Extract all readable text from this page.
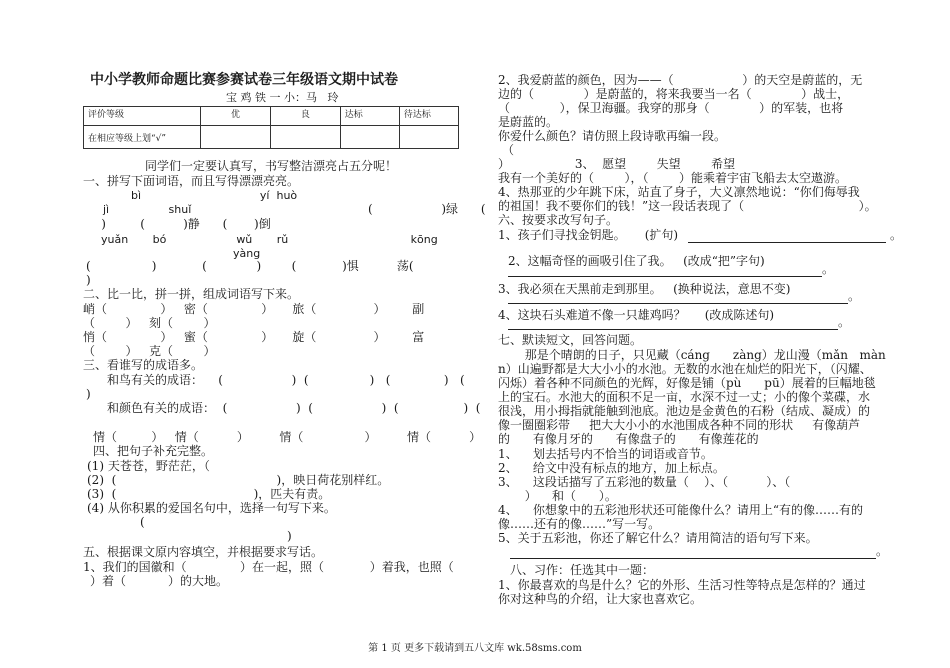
中小学教师命题比赛参赛试卷三年级语文期中试卷
宝 鸡 铁 一 小：马   玲
评价等级	优	良	达标	待达标
在相应等级上划“√”				
同学们一定要认真写，书写整洁漂亮占五分呢！
一、拼写下面词语，而且写得漂漂亮亮。
bì                                  yí  huò
jì                 shuǐ	(                  )绿      (
)         (          )静      (       )倒
yuǎn       bó                    wǔ       rǔ                                   kōng
yàng
(                )            (             )        (            )惧          荡(
)
二、比一比，拼一拼，组成词语写下来。
峭（              ）   密（              ）     旅（               ）       副
（        ）   刻（        ）
悄（              ）   蜜（              ）     旋（               ）       富
（        ）   克（        ）
三、看谁写的成语多。
和鸟有关的成语：    (                  )  (                )   (              )   (
)
和颜色有关的成语：  (                  )  (                  )  (                 )  (
情（         ）   情（          ）        情（                ）        情（          ）
四、把句子补充完整。
(1) 天苍苍，野茫茫，（
(2)  (                                          )，映日荷花别样红。
(3)  (                                    )，匹夫有责。
(4) 从你积累的爱国名句中，选择一句写下来。
(
)
五、根据课文原内容填空，并根据要求写话。
1、我们的国徽和（              ）在一起，照（            ）着我，也照（
）着（           ）的大地。
2、我爱蔚蓝的颜色，因为——（                  ）的天空是蔚蓝的，无
边的（             ）是蔚蓝的，将来我要当一名（             ）战士，
（             ），保卫海疆。我穿的那身（             ）的军装，也将
是蔚蓝的。
你爱什么颜色？请仿照上段诗歌再编一段。
（
）                 3、  愿望        失望        希望
我有一个美好的（        ），（        ）能乘着宇宙飞船去太空遨游。
4、热那亚的少年跳下床，站直了身子，大义凛然地说：“你们侮辱我
的祖国！我不要你们的钱！”这一段话表现了（                              ）。
六、按要求改写句子。
1、孩子们寻找金钥匙。     (扩句)	。
2、这幅奇怪的画吸引住了我。   (改成“把”字句)
。
3、我必须在天黑前走到那里。   (换种说法，意思不变)	。
4、这块石头难道不像一只雄鸡吗？     (改成陈述句)	。
七、默读短文，回答问题。
那是个晴朗的日子，只见藏（cáng      zàng）龙山漫（mǎn   màn
n）山遍野都是大大小小的水池。无数的水池在灿烂的阳光下，（闪耀、
闪烁）着各种不同颜色的光辉，好像是铺（pù      pū）展着的巨幅地毯
上的宝石。水池大的面积不足一亩，水深不过一丈；小的像个菜碟，水
很浅，用小拇指就能触到池底。池边是金黄色的石粉（结成、凝成）的
像一圈圈彩带     把大大小小的水池围成各种不同的形状     有像葫芦
的      有像月牙的      有像盘子的      有像莲花的
1、    划去括号内不恰当的词语或音节。
2、    给文中没有标点的地方，加上标点。
3、    这段话描写了五彩池的数量（    ）、（          ）、（
）    和（      ）。
4、    你想象中的五彩池形状还可能像什么？请用上“有的像……有的
像……还有的像……”写一写。
5、关于五彩池，你还了解它什么？请用简洁的语句写下来。
。
八、习作：任选其中一题：
1、你最喜欢的鸟是什么？它的外形、生活习性等特点是怎样的？通过
你对这种鸟的介绍，让大家也喜欢它。
第 1 页 更多下载请到五八文库 wk.58sms.com
